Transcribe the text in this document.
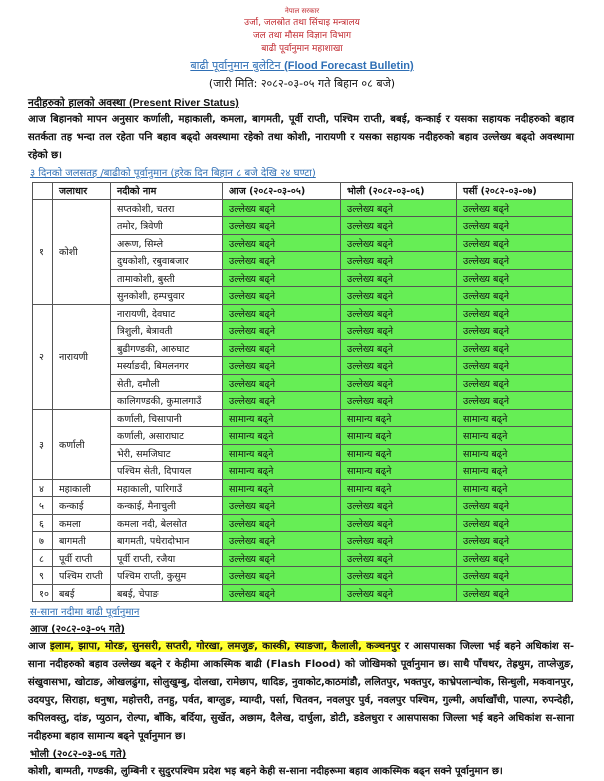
नेपाल सरकार
उर्जा, जलस्रोत तथा सिंचाइ मन्त्रालय
जल तथा मौसम विज्ञान विभाग
बाढी पूर्वानुमान महाशाखा
बाढी पूर्वानुमान बुलेटिन (Flood Forecast Bulletin)
(जारी मिति: २०८२-०३-०५ गते बिहान ०८ बजे)
नदीहरुको हालको अवस्था (Present River Status)
आज बिहानको मापन अनुसार कर्णाली, महाकाली, कमला, बागमती, पूर्वी राप्ती, पश्चिम राप्ती, बबई, कन्काई र यसका सहायक नदीहरुको बहाव सतर्कता तह भन्दा तल रहेता पनि बहाव बढ्दो अवस्थामा रहेको तथा कोशी, नारायणी र यसका सहायक नदीहरुको बहाव उल्लेख्य बढ्दो अवस्थामा रहेको छ।
३ दिनको जलसतह /बाढीको पूर्वानुमान (हरेक दिन बिहान ८ बजे देखि २४ घण्टा)
	जलाधार	नदीको नाम	आज (२०८२-०३-०५)	भोली (२०८२-०३-०६)	पर्सी (२०८२-०३-०७)
१	कोशी	सप्तकोशी, चतरा	उल्लेख्य बढ्ने	उल्लेख्य बढ्ने	उल्लेख्य बढ्ने
		तमोर, त्रिवेणी	उल्लेख्य बढ्ने	उल्लेख्य बढ्ने	उल्लेख्य बढ्ने
		अरूण, सिम्ले	उल्लेख्य बढ्ने	उल्लेख्य बढ्ने	उल्लेख्य बढ्ने
		दुधकोशी, रबुवाबजार	उल्लेख्य बढ्ने	उल्लेख्य बढ्ने	उल्लेख्य बढ्ने
		तामाकोशी, बुस्ती	उल्लेख्य बढ्ने	उल्लेख्य बढ्ने	उल्लेख्य बढ्ने
		सुनकोशी, हम्पचुवार	उल्लेख्य बढ्ने	उल्लेख्य बढ्ने	उल्लेख्य बढ्ने
२	नारायणी	नारायणी, देवघाट	उल्लेख्य बढ्ने	उल्लेख्य बढ्ने	उल्लेख्य बढ्ने
		त्रिशुली, बेत्रावती	उल्लेख्य बढ्ने	उल्लेख्य बढ्ने	उल्लेख्य बढ्ने
		बुढीगण्डकी, आरुघाट	उल्लेख्य बढ्ने	उल्लेख्य बढ्ने	उल्लेख्य बढ्ने
		मर्स्याङदी, बिमलनगर	उल्लेख्य बढ्ने	उल्लेख्य बढ्ने	उल्लेख्य बढ्ने
		सेती, दमौली	उल्लेख्य बढ्ने	उल्लेख्य बढ्ने	उल्लेख्य बढ्ने
		कालिगण्डकी, कुमालगाउँ	उल्लेख्य बढ्ने	उल्लेख्य बढ्ने	उल्लेख्य बढ्ने
३	कर्णाली	कर्णाली, चिसापानी	सामान्य बढ्ने	सामान्य बढ्ने	सामान्य बढ्ने
		कर्णाली, असाराघाट	सामान्य बढ्ने	सामान्य बढ्ने	सामान्य बढ्ने
		भेरी, समजिघाट	सामान्य बढ्ने	सामान्य बढ्ने	सामान्य बढ्ने
		पश्चिम सेती, दिपायल	सामान्य बढ्ने	सामान्य बढ्ने	सामान्य बढ्ने
४	महाकाली	महाकाली, पारिगाउँ	सामान्य बढ्ने	सामान्य बढ्ने	सामान्य बढ्ने
५	कन्काई	कन्काई, मैनाचुली	उल्लेख्य बढ्ने	उल्लेख्य बढ्ने	उल्लेख्य बढ्ने
६	कमला	कमला नदी, बेलसोत	उल्लेख्य बढ्ने	उल्लेख्य बढ्ने	उल्लेख्य बढ्ने
७	बागमती	बागमती, पधेरादोभान	उल्लेख्य बढ्ने	उल्लेख्य बढ्ने	उल्लेख्य बढ्ने
८	पूर्वी राप्ती	पूर्वी राप्ती, रजैया	उल्लेख्य बढ्ने	उल्लेख्य बढ्ने	उल्लेख्य बढ्ने
९	पश्चिम राप्ती	पश्चिम राप्ती, कुसुम	उल्लेख्य बढ्ने	उल्लेख्य बढ्ने	उल्लेख्य बढ्ने
१०	बबई	बबई, चेपाङ	उल्लेख्य बढ्ने	उल्लेख्य बढ्ने	उल्लेख्य बढ्ने
स-साना नदीमा बाढी पूर्वानुमान
आज (२०८२-०३-०५ गते)
आज इलाम, झापा, मोरङ, सुनसरी, सप्तरी, गोरखा, लमजुङ, कास्की, स्याङजा, कैलाली, कञ्चनपुर र आसपासका जिल्ला भई बहने अधिकांश स-साना नदीहरुको बहाव उल्लेख्य बढ्ने र केहीमा आकस्मिक बाढी (Flash Flood) को जोखिमको पूर्वानुमान छ। साथै पाँचथर, तेह्रथुम, ताप्लेजुङ, संखुवासभा, खोटाङ, ओखलढुंगा, सोलुखुम्बु, दोलखा, रामेछाप, धादिङ, नुवाकोट,काठमांडौ, ललितपुर, भक्तपुर, काभ्रेपलान्चोक, सिन्धुली, मकवानपुर, उदयपुर, सिराहा, धनुषा, महोत्तरी, तनहु, पर्वत, बाग्लुङ, म्याग्दी, पर्सा, चितवन, नवलपुर पुर्व, नवलपुर पश्चिम, गुल्मी, अर्घाखाँची, पाल्पा, रुपन्देही, कपिलवस्तु, दांङ, प्युठान, रोल्पा, बाँकि, बर्दिया, सुर्खेत, अछाम, दैलेख, दार्चुला, डोटी, डडेलधुरा र आसपासका जिल्ला भई बहने अधिकांश स-साना नदीहरुमा बहाव सामान्य बढ्ने पूर्वानुमान छ।
भोली (२०८२-०३-०६ गते)
कोशी, बाग्मती, गण्डकी, लुम्बिनी र सुदुरपश्चिम प्रदेश भइ बहने केही स-साना नदीहरूमा बहाव आकस्मिक बढ्न सक्ने पूर्वानुमान छ।
